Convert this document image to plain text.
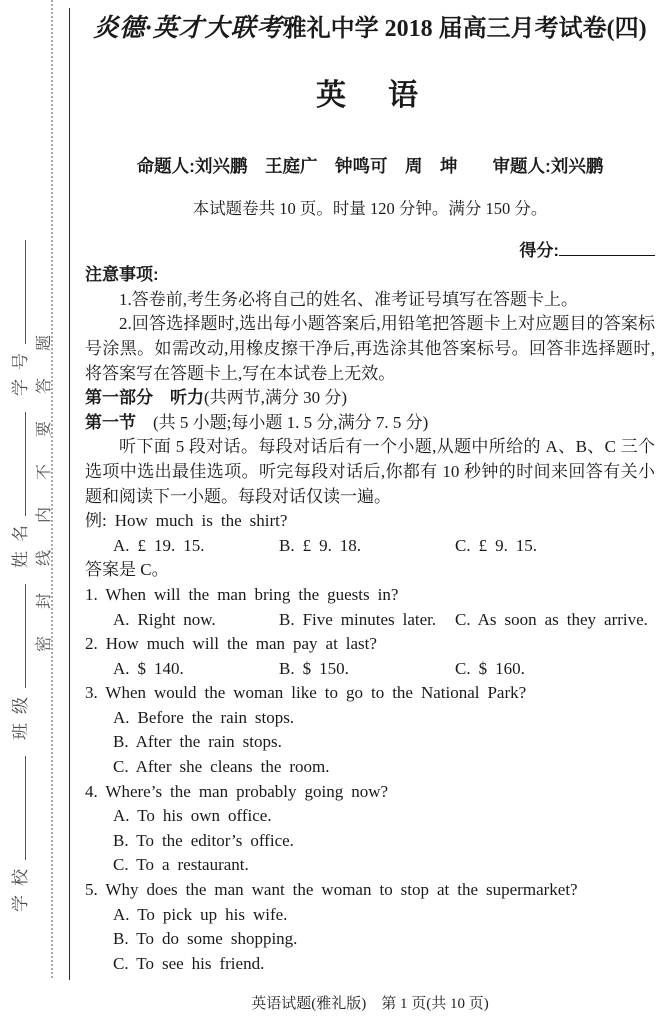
学校班级姓名学号 密封线内不要答题
炎德·英才大联考雅礼中学 2018 届高三月考试卷(四)
英　语

命题人:刘兴鹏　王庭广　钟鸣可　周　坤　　审题人:刘兴鹏

本试题卷共 10 页。时量 120 分钟。满分 150 分。

得分:

注意事项:

1.答卷前,考生务必将自己的姓名、准考证号填写在答题卡上。

2.回答选择题时,选出每小题答案后,用铅笔把答题卡上对应题目的答案标号涂黑。如需改动,用橡皮擦干净后,再选涂其他答案标号。回答非选择题时,将答案写在答题卡上,写在本试卷上无效。

第一部分　听力(共两节,满分 30 分)

第一节　(共 5 小题;每小题 1. 5 分,满分 7. 5 分)

听下面 5 段对话。每段对话后有一个小题,从题中所给的 A、B、C 三个选项中选出最佳选项。听完每段对话后,你都有 10 秒钟的时间来回答有关小题和阅读下一小题。每段对话仅读一遍。

例: How much is the shirt?

A. £ 19. 15.	B. £ 9. 18.	C. £ 9. 15.

答案是 C。

1. When will the man bring the guests in?

A. Right now.	B. Five minutes later.	C. As soon as they arrive.

2. How much will the man pay at last?

A. $ 140.	B. $ 150.	C. $ 160.

3. When would the woman like to go to the National Park?

A. Before the rain stops.

B. After the rain stops.

C. After she cleans the room.

4. Where’s the man probably going now?

A. To his own office.

B. To the editor’s office.

C. To a restaurant.

5. Why does the man want the woman to stop at the supermarket?

A. To pick up his wife.

B. To do some shopping.

C. To see his friend.

英语试题(雅礼版)　第 1 页(共 10 页)
